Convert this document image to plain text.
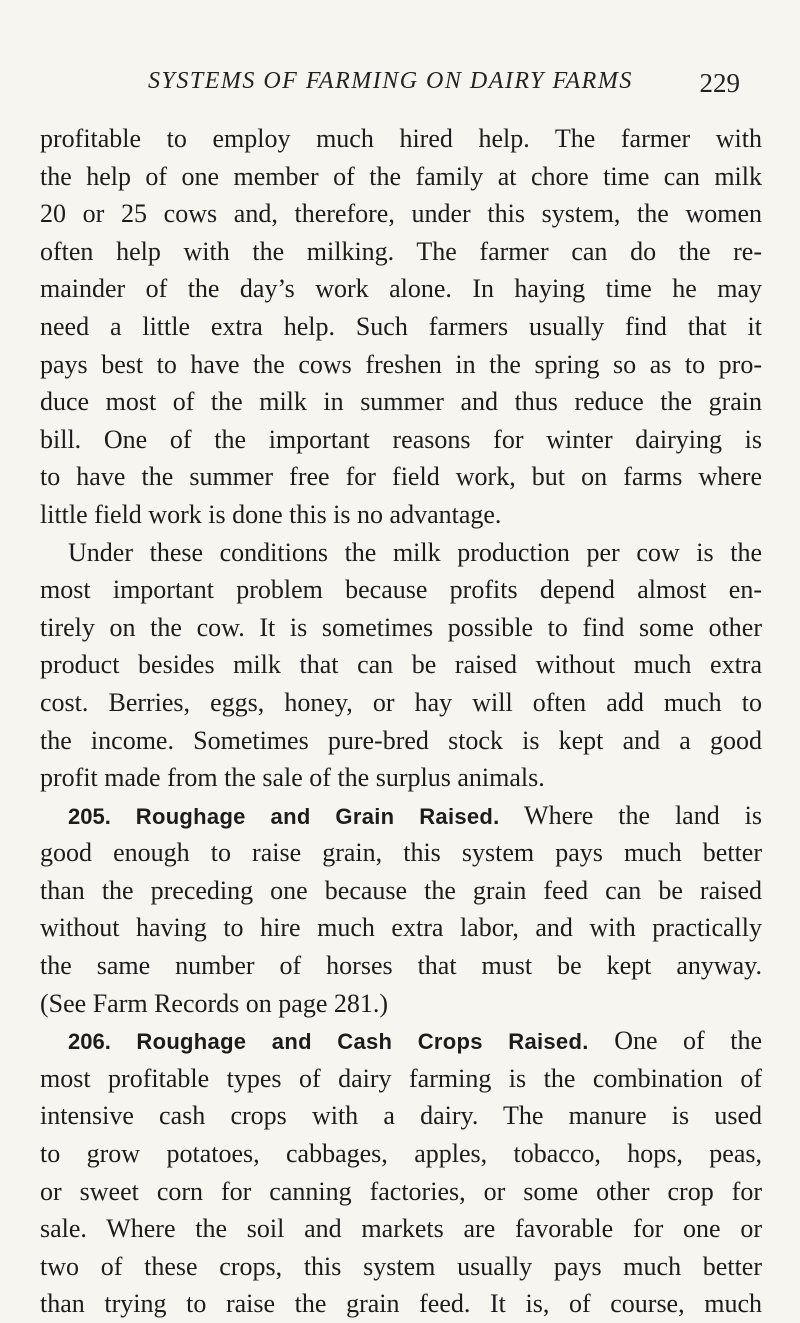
SYSTEMS OF FARMING ON DAIRY FARMS 229
profitable to employ much hired help. The farmer with
the help of one member of the family at chore time can milk
20 or 25 cows and, therefore, under this system, the women
often help with the milking. The farmer can do the re-
mainder of the day’s work alone. In haying time he may
need a little extra help. Such farmers usually find that it
pays best to have the cows freshen in the spring so as to pro-
duce most of the milk in summer and thus reduce the grain
bill. One of the important reasons for winter dairying is
to have the summer free for field work, but on farms where
little field work is done this is no advantage.
Under these conditions the milk production per cow is the
most important problem because profits depend almost en-
tirely on the cow. It is sometimes possible to find some other
product besides milk that can be raised without much extra
cost. Berries, eggs, honey, or hay will often add much to
the income. Sometimes pure-bred stock is kept and a good
profit made from the sale of the surplus animals.
205. Roughage and Grain Raised. Where the land is
good enough to raise grain, this system pays much better
than the preceding one because the grain feed can be raised
without having to hire much extra labor, and with practically
the same number of horses that must be kept anyway.
(See Farm Records on page 281.)
206. Roughage and Cash Crops Raised. One of the
most profitable types of dairy farming is the combination of
intensive cash crops with a dairy. The manure is used
to grow potatoes, cabbages, apples, tobacco, hops, peas,
or sweet corn for canning factories, or some other crop for
sale. Where the soil and markets are favorable for one or
two of these crops, this system usually pays much better
than trying to raise the grain feed. It is, of course, much
